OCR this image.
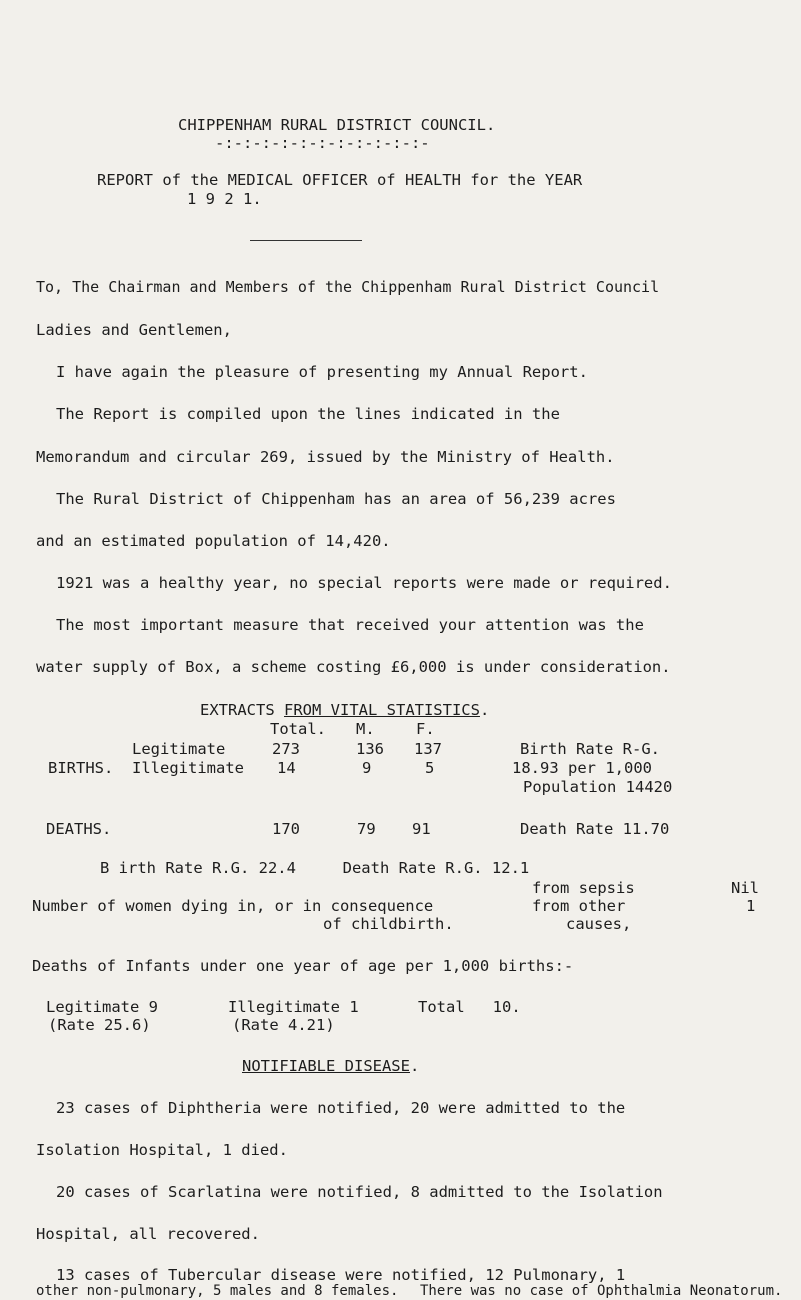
CHIPPENHAM RURAL DISTRICT COUNCIL.
-:-:-:-:-:-:-:-:-:-:-:-
REPORT of the MEDICAL OFFICER of HEALTH for the YEAR
1 9 2 1.
To, The Chairman and Members of the Chippenham Rural District Council
Ladies and Gentlemen,
I have again the pleasure of presenting my Annual Report.
The Report is compiled upon the lines indicated in the
Memorandum and circular 269, issued by the Ministry of Health.
The Rural District of Chippenham has an area of 56,239 acres
and an estimated population of 14,420.
1921 was a healthy year, no special reports were made or required.
The most important measure that received your attention was the
water supply of Box, a scheme costing £6,000 is under consideration.
EXTRACTS FROM VITAL STATISTICS.
Total. M.	F.
Legitimate	273	136 137	Birth Rate R-G.
BIRTHS. Illegitimate 14	9	5	18.93 per 1,000
Population 14420
DEATHS.	170	79 91	Death Rate 11.70
B irth Rate R.G. 22.4     Death Rate R.G. 12.1
from sepsis	Nil
Number of women dying in, or in consequence	from other	1
of childbirth.	causes,
Deaths of Infants under one year of age per 1,000 births:-
Legitimate 9	Illegitimate 1	Total   10.
(Rate 25.6)	(Rate 4.21)
NOTIFIABLE DISEASE.
23 cases of Diphtheria were notified, 20 were admitted to the
Isolation Hospital, 1 died.
20 cases of Scarlatina were notified, 8 admitted to the Isolation
Hospital, all recovered.
13 cases of Tubercular disease were notified, 12 Pulmonary, 1
other non-pulmonary, 5 males and 8 females. There was no case of Ophthalmia Neonatorum.
